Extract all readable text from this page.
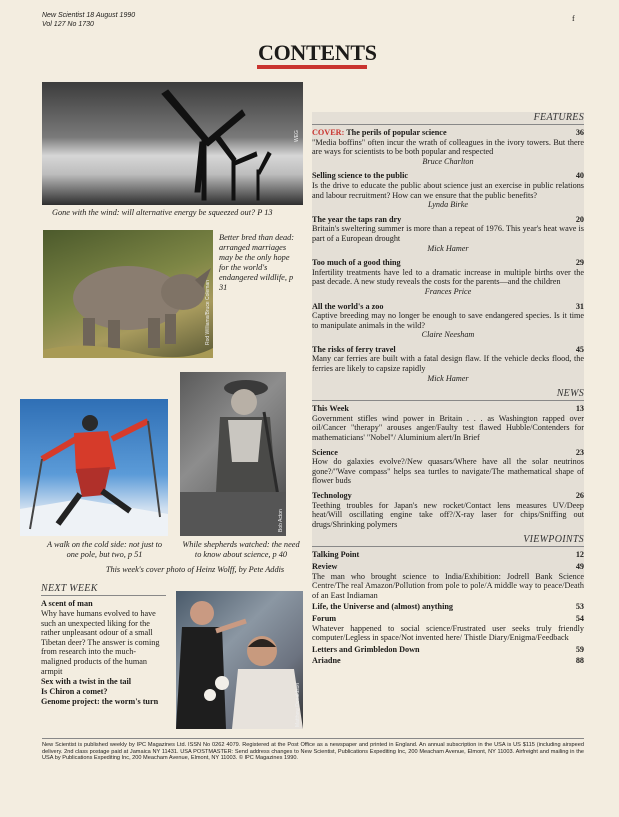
New Scientist 18 August 1990
Vol 127 No 1730
f
CONTENTS
WEG
Gone with the wind: will alternative energy be squeezed out? P 13
Rod Williams/Bruce Coleman
Better bred than dead: arranged marriages may be the only hope for the world's endangered wildlife, p 31
A walk on the cold side: not just to one pole, but two, p 51
Bob Acton
While shepherds watched: the need to know about science, p 40
This week's cover photo of Heinz Wolff, by Pete Addis
Matthew Donaldson
FEATURES
COVER: The perils of popular science	36
"Media boffins" often incur the wrath of colleagues in the ivory towers. But there are ways for scientists to be both popular and respected
Bruce Charlton
Selling science to the public	40
Is the drive to educate the public about science just an exercise in public relations and labour recruitment? How can we ensure that the public benefits?
Lynda Birke
The year the taps ran dry	20
Britain's sweltering summer is more than a repeat of 1976. This year's heat wave is part of a European drought
Mick Hamer
Too much of a good thing	29
Infertility treatments have led to a dramatic increase in multiple births over the past decade. A new study reveals the costs for the parents—and the children
Frances Price
All the world's a zoo	31
Captive breeding may no longer be enough to save endangered species. Is it time to manipulate animals in the wild?
Claire Neesham
The risks of ferry travel	45
Many car ferries are built with a fatal design flaw. If the vehicle decks flood, the ferries are likely to capsize rapidly
Mick Hamer
NEWS
This Week	13
Government stifles wind power in Britain . . . as Washington rapped over oil/Cancer "therapy" arouses anger/Faulty test flawed Hubble/Contenders for mathematicians' "Nobel"/ Aluminium alert/In Brief
Science	23
How do galaxies evolve?/New quasars/Where have all the solar neutrinos gone?/"Wave compass" helps sea turtles to navigate/The mathematical shape of flower buds
Technology	26
Teething troubles for Japan's new rocket/Contact lens measures UV/Deep heat/Will oscillating engine take off?/X-ray laser for chips/Sniffing out drugs/Shrinking polymers
VIEWPOINTS
Talking Point	12
Review	49
The man who brought science to India/Exhibition: Jodrell Bank Science Centre/The real Amazon/Pollution from pole to pole/A middle way to peace/Death of an East Indiaman
Life, the Universe and (almost) anything	53
Forum	54
Whatever happened to social science/Frustrated user seeks truly friendly computer/Legless in space/Not invented here/ Thistle Diary/Enigma/Feedback
Letters and Grimbledon Down	59
Ariadne	88
NEXT WEEK
A scent of man
Why have humans evolved to have such an unexpected liking for the rather unpleasant odour of a small Tibetan deer? The answer is coming from research into the much-maligned products of the human armpit
Sex with a twist in the tail
Is Chiron a comet?
Genome project: the worm's turn
New Scientist is published weekly by IPC Magazines Ltd. ISSN No 0262 4079. Registered at the Post Office as a newspaper and printed in England. An annual subscription in the USA is US $115 (including airspeed delivery. 2nd class postage paid at Jamaica NY 11431. USA POSTMASTER: Send address changes to New Scientist, Publications Expediting Inc, 200 Meacham Avenue, Elmont, NY 11003. Airfreight and mailing in the USA by Publications Expediting Inc, 200 Meacham Avenue, Elmont, NY 11003. © IPC Magazines 1990.
